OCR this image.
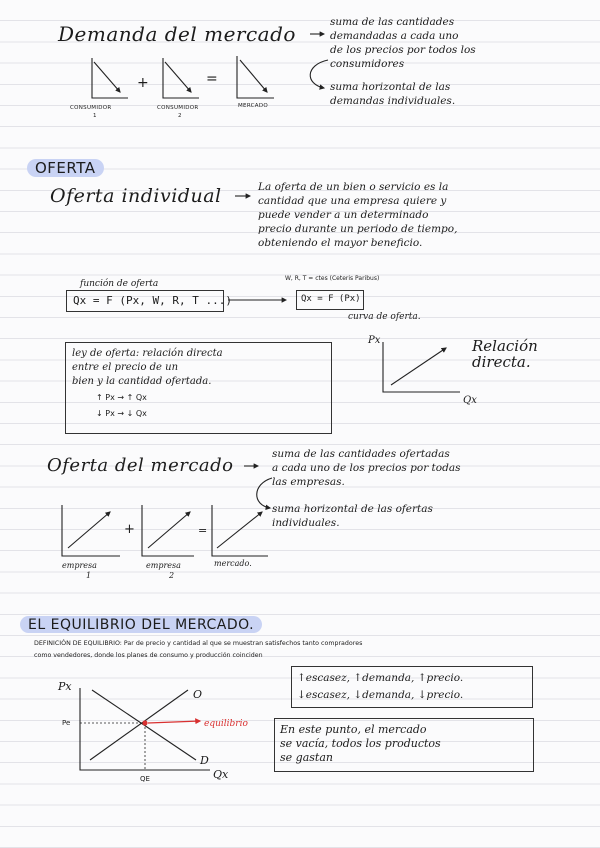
Demanda del mercado	suma de las cantidades
demandadas a cada uno
de los precios por todos los
consumidores
suma horizontal de las
demandas individuales.
+	=
CONSUMIDOR
1
CONSUMIDOR
2
MERCADO
OFERTA
Oferta individual	La oferta de un bien o servicio es la
cantidad que una empresa quiere y
puede vender a un determinado
precio durante un periodo de tiempo,
obteniendo el mayor beneficio.
función de oferta
Qx = F (Px, W, R, T ...)
W, R, T = ctes (Ceteris Paribus)
Qx = F (Px)
curva de oferta.
ley de oferta: relación directa
entre el precio de un
bien y la cantidad ofertada.
↑ Px → ↑ Qx
↓ Px → ↓ Qx
Px
Qx
Relación
directa.
Oferta del mercado
suma de las cantidades ofertadas
a cada uno de los precios por todas
las empresas.
suma horizontal de las ofertas
individuales.
+	=
empresa
1
empresa
2
mercado.
EL EQUILIBRIO DEL MERCADO.
DEFINICIÓN DE EQUILIBRIO: Par de precio y cantidad al que se muestran satisfechos tanto compradores
como vendedores, donde los planes de consumo y producción coinciden
Px
Qx
O
D
Pe
QE
equilibrio
↑escasez, ↑demanda, ↑precio.
↓escasez, ↓demanda, ↓precio.
En este punto, el mercado
se vacía, todos los productos
se gastan
